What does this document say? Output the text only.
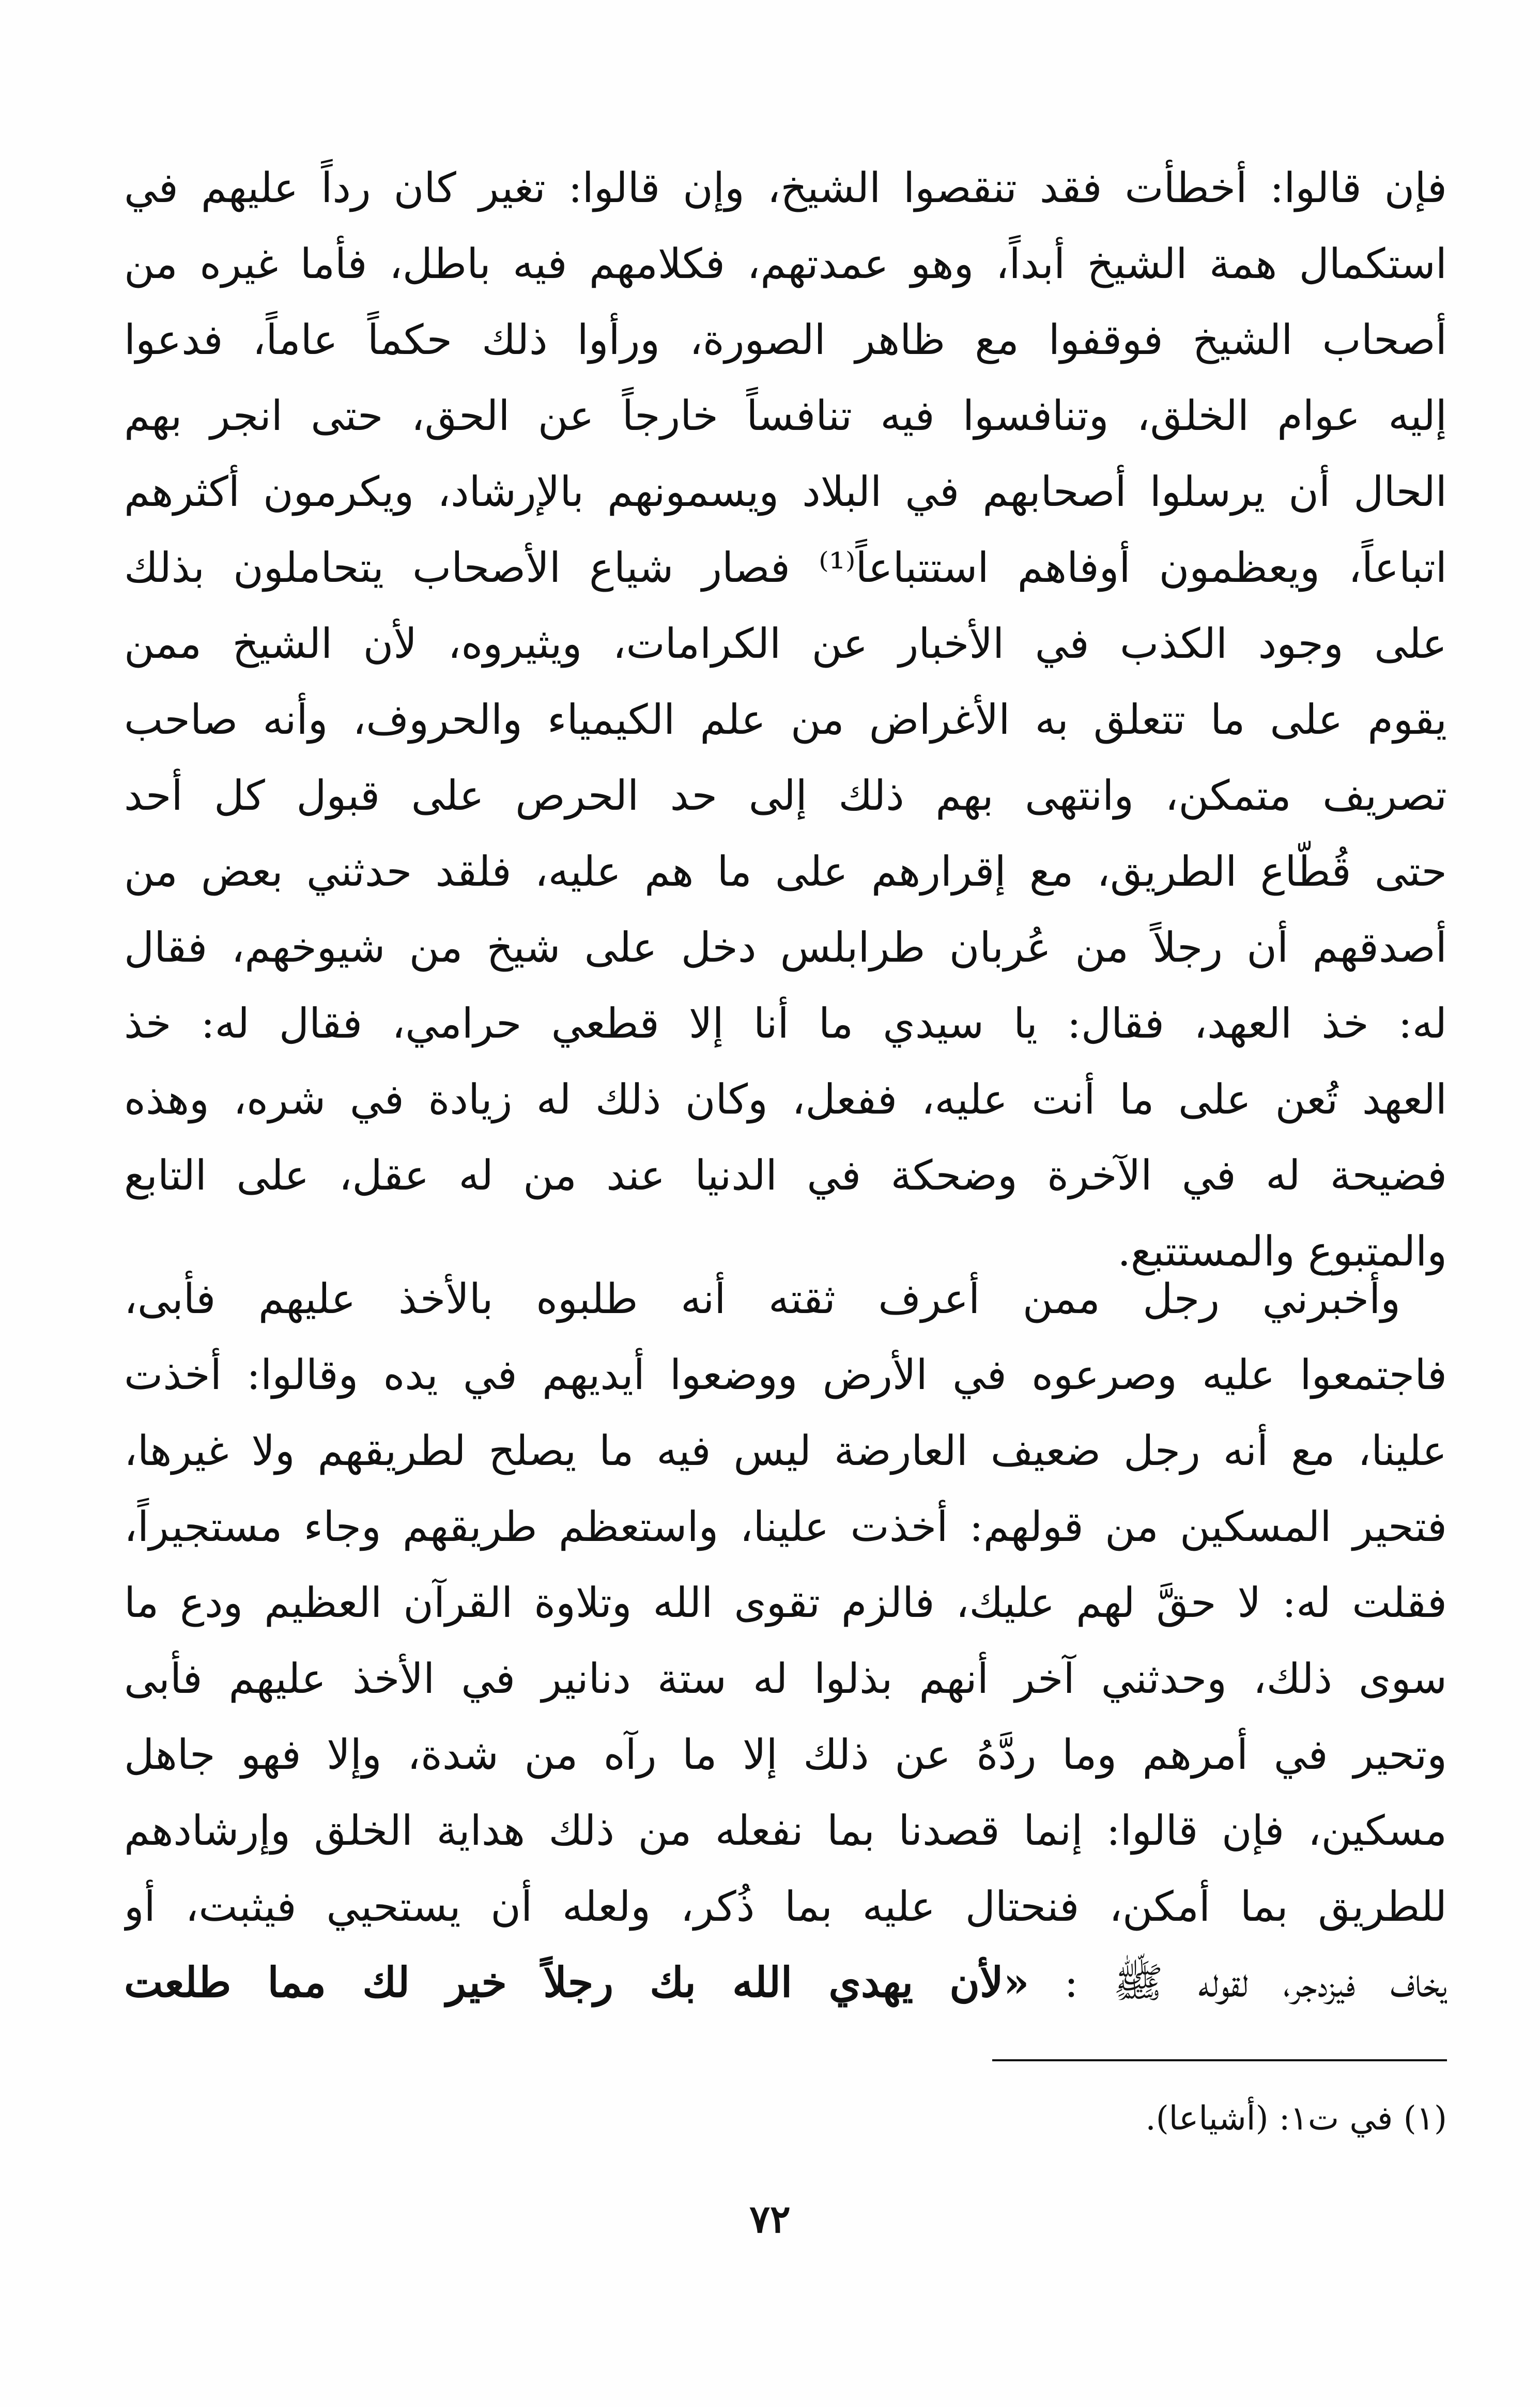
فإن قالوا: أخطأت فقد تنقصوا الشيخ، وإن قالوا: تغير كان رداً عليهم في
استكمال همة الشيخ أبداً، وهو عمدتهم، فكلامهم فيه باطل، فأما غيره من
أصحاب الشيخ فوقفوا مع ظاهر الصورة، ورأوا ذلك حكماً عاماً، فدعوا
إليه عوام الخلق، وتنافسوا فيه تنافساً خارجاً عن الحق، حتى انجر بهم
الحال أن يرسلوا أصحابهم في البلاد ويسمونهم بالإرشاد، ويكرمون أكثرهم
اتباعاً، ويعظمون أوفاهم استتباعاً⁽¹⁾ فصار شياع الأصحاب يتحاملون بذلك
على وجود الكذب في الأخبار عن الكرامات، ويثيروه، لأن الشيخ ممن
يقوم على ما تتعلق به الأغراض من علم الكيمياء والحروف، وأنه صاحب
تصريف متمكن، وانتهى بهم ذلك إلى حد الحرص على قبول كل أحد
حتى قُطّاع الطريق، مع إقرارهم على ما هم عليه، فلقد حدثني بعض من
أصدقهم أن رجلاً من عُربان طرابلس دخل على شيخ من شيوخهم، فقال
له: خذ العهد، فقال: يا سيدي ما أنا إلا قطعي حرامي، فقال له: خذ
العهد تُعن على ما أنت عليه، ففعل، وكان ذلك له زيادة في شره، وهذه
فضيحة له في الآخرة وضحكة في الدنيا عند من له عقل، على التابع
والمتبوع والمستتبع.
وأخبرني رجل ممن أعرف ثقته أنه طلبوه بالأخذ عليهم فأبى،
فاجتمعوا عليه وصرعوه في الأرض ووضعوا أيديهم في يده وقالوا: أخذت
علينا، مع أنه رجل ضعيف العارضة ليس فيه ما يصلح لطريقهم ولا غيرها،
فتحير المسكين من قولهم: أخذت علينا، واستعظم طريقهم وجاء مستجيراً،
فقلت له: لا حقَّ لهم عليك، فالزم تقوى الله وتلاوة القرآن العظيم ودع ما
سوى ذلك، وحدثني آخر أنهم بذلوا له ستة دنانير في الأخذ عليهم فأبى
وتحير في أمرهم وما ردَّهُ عن ذلك إلا ما رآه من شدة، وإلا فهو جاهل
مسكين، فإن قالوا: إنما قصدنا بما نفعله من ذلك هداية الخلق وإرشادهم
للطريق بما أمكن، فنحتال عليه بما ذُكر، ولعله أن يستحيي فيثبت، أو
يخاف فيزدجر، لقوله ﷺ : «لأن يهدي الله بك رجلاً خير لك مما طلعت
(١) في ت١: (أشياعا).
٧٢
